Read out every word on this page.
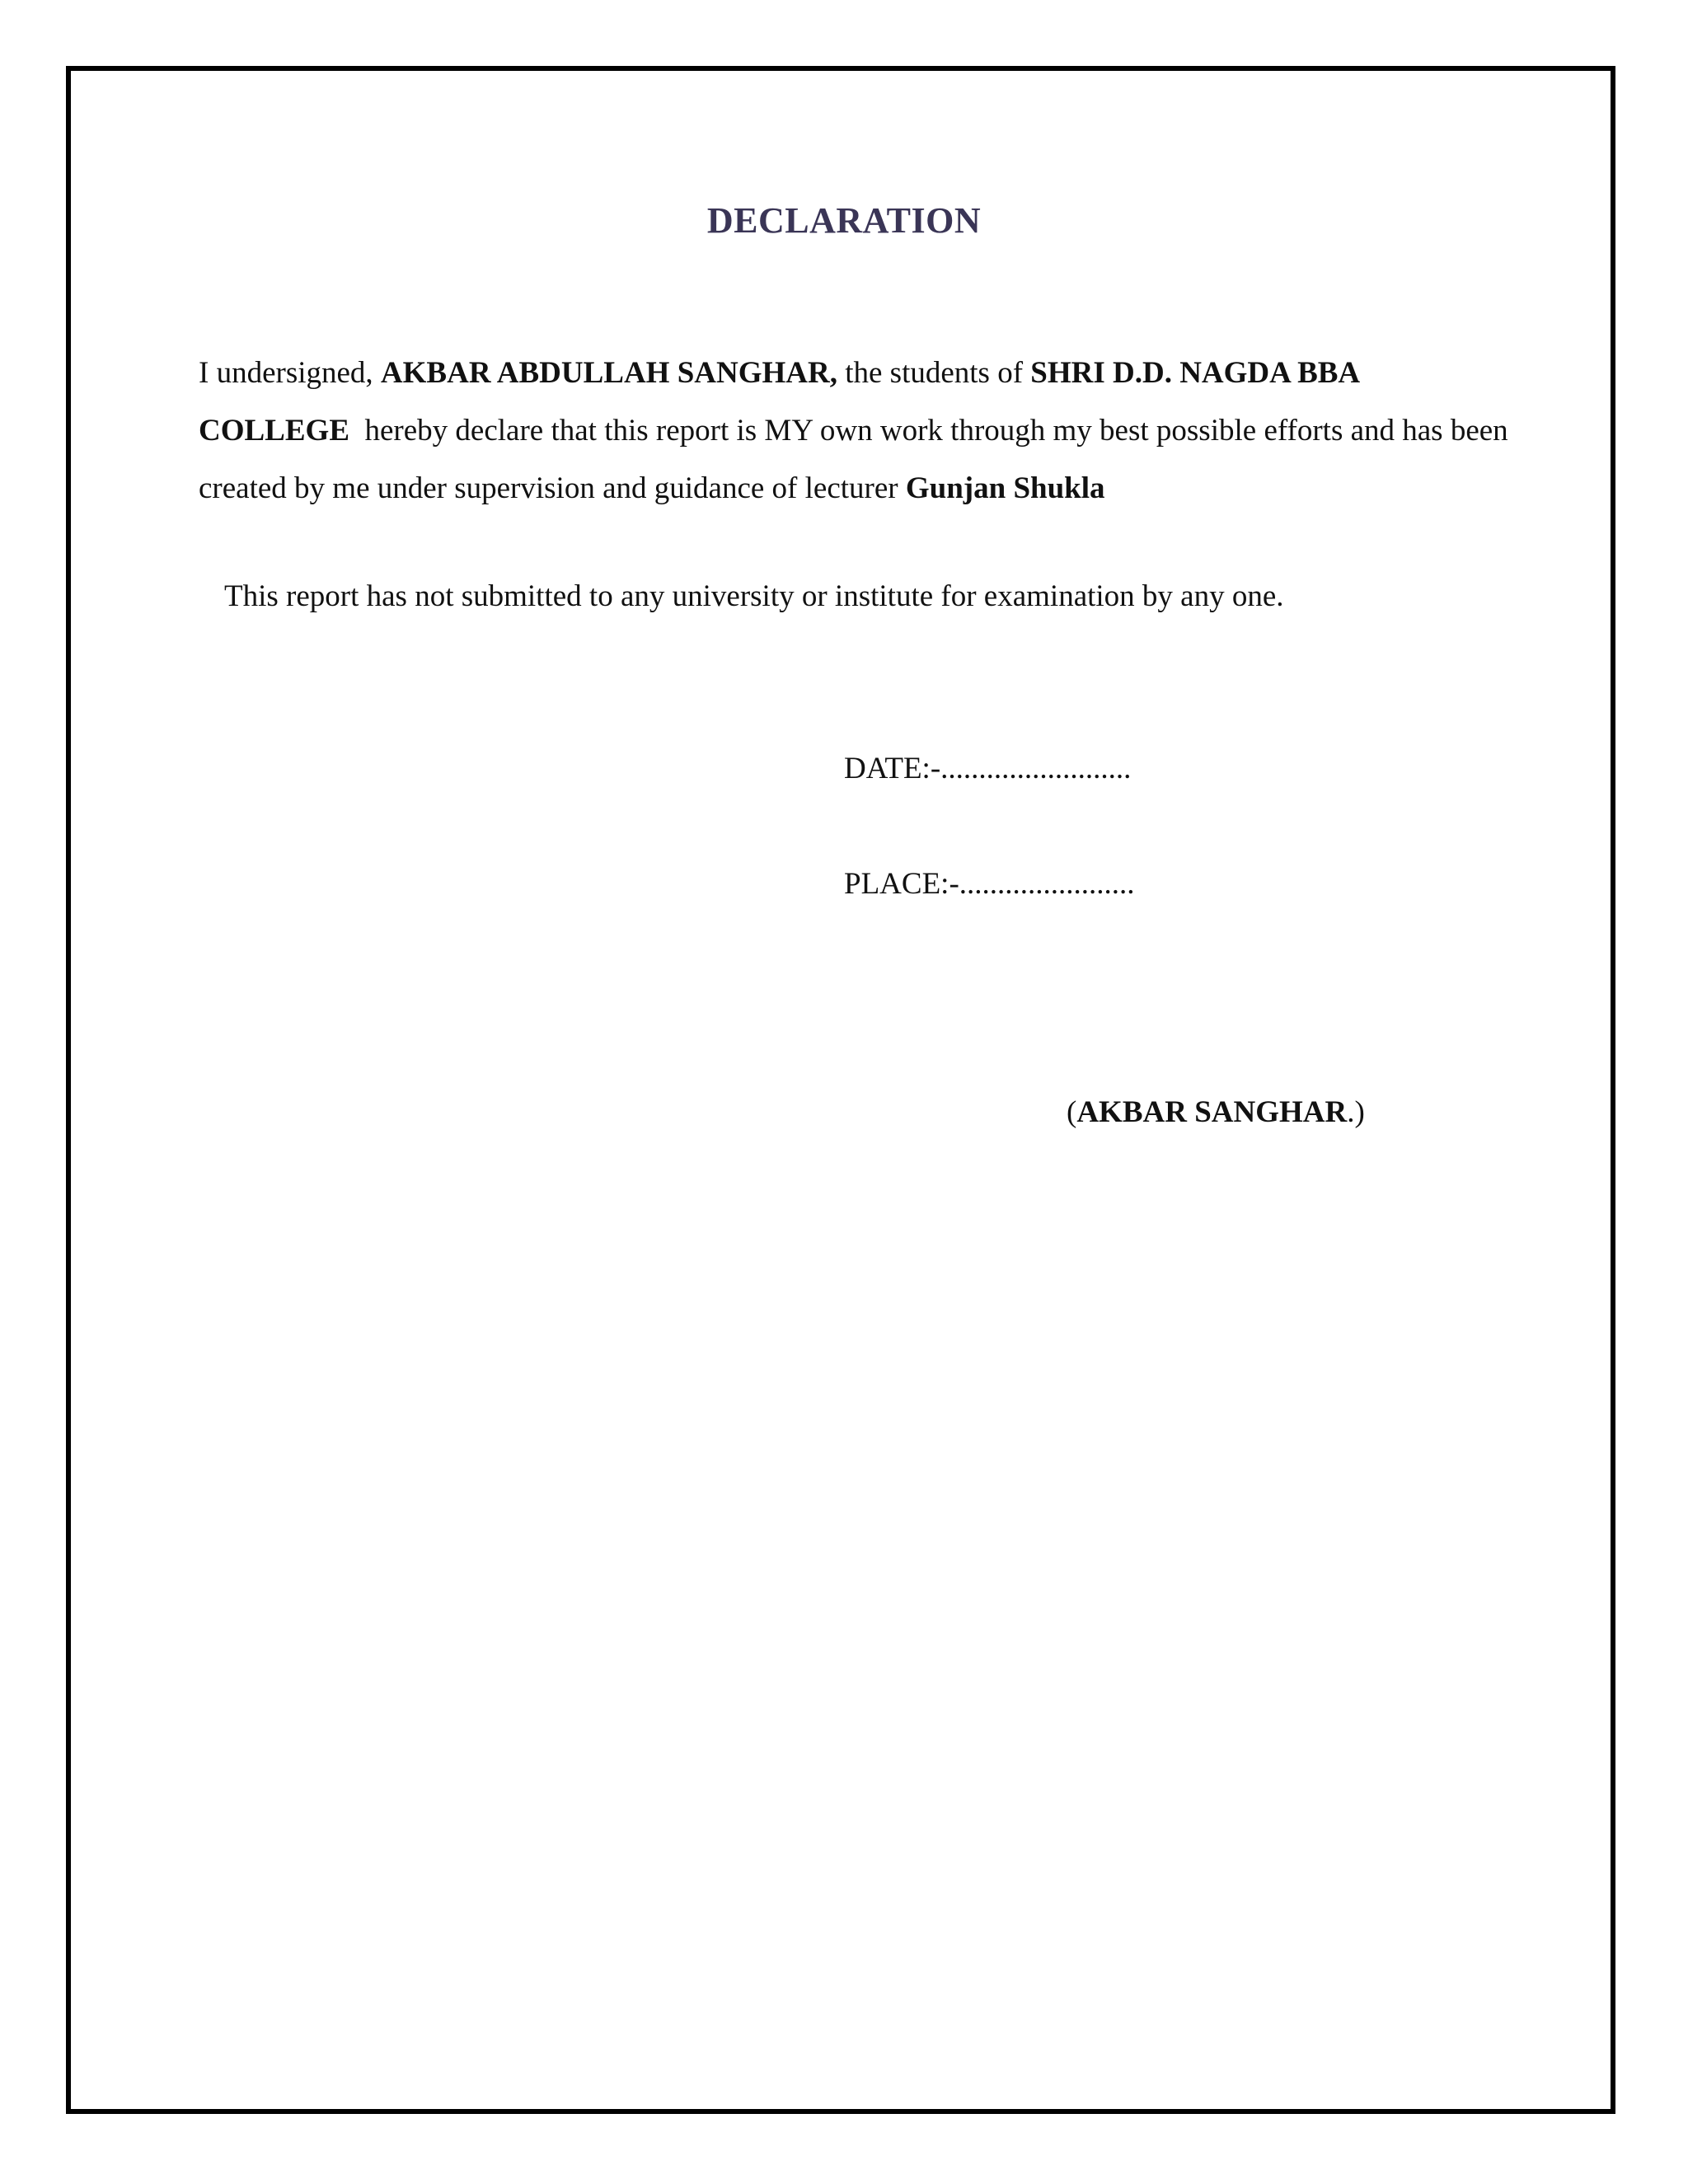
DECLARATION

I undersigned, AKBAR ABDULLAH SANGHAR, the students of SHRI D.D. NAGDA BBA
COLLEGE  hereby declare that this report is MY own work through my best possible efforts and has been created by me under supervision and guidance of lecturer Gunjan Shukla

This report has not submitted to any university or institute for examination by any one.

DATE:-.........................
PLACE:-.......................
(AKBAR SANGHAR.)
